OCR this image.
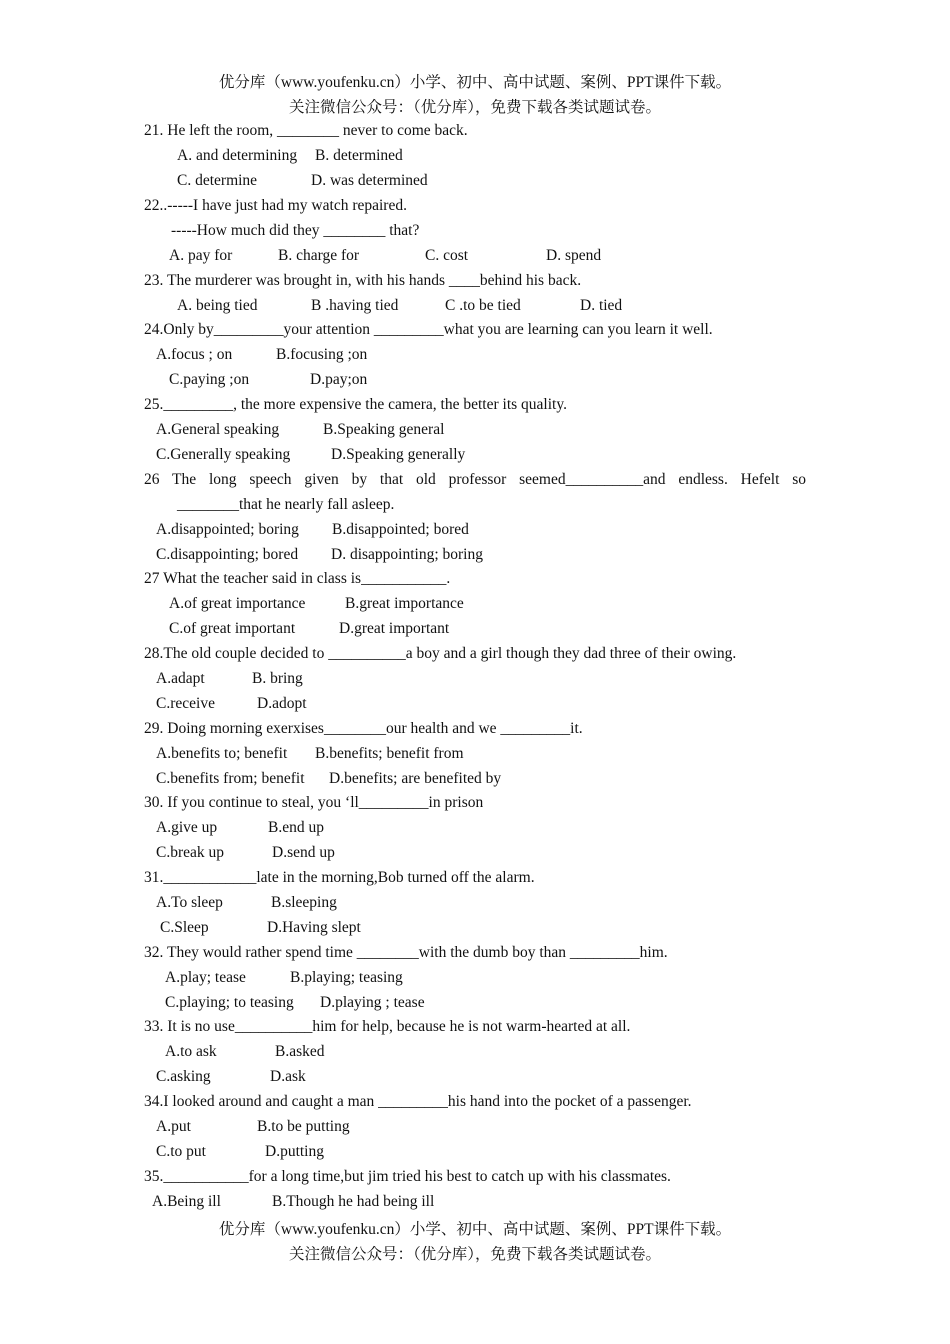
优分库（www.youfenku.cn）小学、初中、高中试题、案例、PPT课件下载。
关注微信公众号：（优分库），免费下载各类试题试卷。
21. He left the room, ________ never to come back.
A. and determining B. determined
C. determine	D. was determined
22..-----I have just had my watch repaired.
-----How much did they ________ that?
A. pay for	B. charge for	C. cost	D. spend
23. The murderer was brought in, with his hands ____behind his back.
A. being tied	B .having tied	C .to be tied	D. tied
24.Only by_________your attention _________what you are learning can you learn it well.
A.focus ; on	B.focusing ;on
C.paying ;on	D.pay;on
25._________, the more expensive the camera, the better its quality.
A.General speaking	B.Speaking general
C.Generally speaking	D.Speaking generally
26 The long speech given by that old professor seemed__________and endless. Hefelt so
________that he nearly fall asleep.
A.disappointed; boring B.disappointed; bored
C.disappointing; bored D. disappointing; boring
27 What the teacher said in class is___________.
A.of great importance	B.great importance
C.of great important	D.great important
28.The old couple decided to __________a boy and a girl though they dad three of their owing.
A.adapt	B. bring
C.receive	D.adopt
29. Doing morning exerxises________our health and we _________it.
A.benefits to; benefit B.benefits; benefit from
C.benefits from; benefit D.benefits; are benefited by
30. If you continue to steal, you ‘ll_________in prison
A.give up	B.end up
C.break up	D.send up
31.____________late in the morning,Bob turned off the alarm.
A.To sleep	B.sleeping
C.Sleep	D.Having slept
32. They would rather spend time ________with the dumb boy than _________him.
A.play; tease	B.playing; teasing
C.playing; to teasing D.playing ; tease
33. It is no use__________him for help, because he is not warm-hearted at all.
A.to ask	B.asked
C.asking	D.ask
34.I looked around and caught a man _________his hand into the pocket of a passenger.
A.put	B.to be putting
C.to put	D.putting
35.___________for a long time,but jim tried his best to catch up with his classmates.
A.Being ill	B.Though he had being ill
优分库（www.youfenku.cn）小学、初中、高中试题、案例、PPT课件下载。
关注微信公众号：（优分库），免费下载各类试题试卷。
